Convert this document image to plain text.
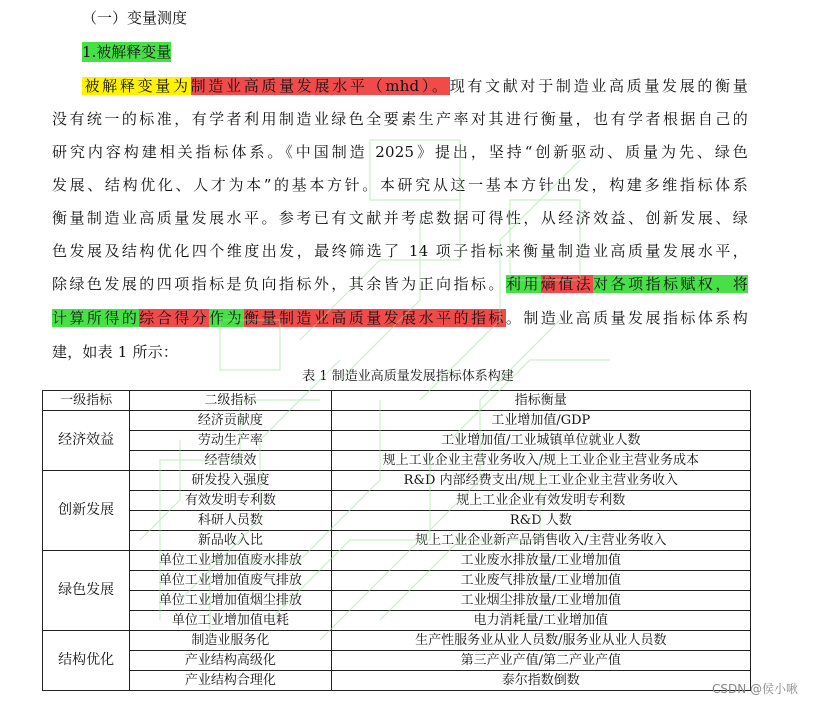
（一）变量测度
1.被解释变量
被解释变量为制造业高质量发展水平（mhd）。现有文献对于制造业高质量发展的衡量
没有统一的标准，有学者利用制造业绿色全要素生产率对其进行衡量，也有学者根据自己的
研究内容构建相关指标体系。《中国制造 2025》提出，坚持“创新驱动、质量为先、绿色
发展、结构优化、人才为本”的基本方针。本研究从这一基本方针出发，构建多维指标体系
衡量制造业高质量发展水平。参考已有文献并考虑数据可得性，从经济效益、创新发展、绿
色发展及结构优化四个维度出发，最终筛选了 14 项子指标来衡量制造业高质量发展水平，
除绿色发展的四项指标是负向指标外，其余皆为正向指标。利用熵值法对各项指标赋权，将
计算所得的综合得分作为衡量制造业高质量发展水平的指标。制造业高质量发展指标体系构
建，如表 1 所示：
表 1 制造业高质量发展指标体系构建
一级指标	二级指标	指标衡量
经济效益	经济贡献度	工业增加值/GDP
	劳动生产率	工业增加值/工业城镇单位就业人数
	经营绩效	规上工业企业主营业务收入/规上工业企业主营业务成本
创新发展	研发投入强度	R&D 内部经费支出/规上工业企业主营业务收入
	有效发明专利数	规上工业企业有效发明专利数
	科研人员数	R&D 人数
	新品收入比	规上工业企业新产品销售收入/主营业务收入
绿色发展	单位工业增加值废水排放	工业废水排放量/工业增加值
	单位工业增加值废气排放	工业废气排放量/工业增加值
	单位工业增加值烟尘排放	工业烟尘排放量/工业增加值
	单位工业增加值电耗	电力消耗量/工业增加值
结构优化	制造业服务化	生产性服务业从业人员数/服务业从业人员数
	产业结构高级化	第三产业产值/第二产业产值
	产业结构合理化	泰尔指数倒数
CSDN @侯小啾
